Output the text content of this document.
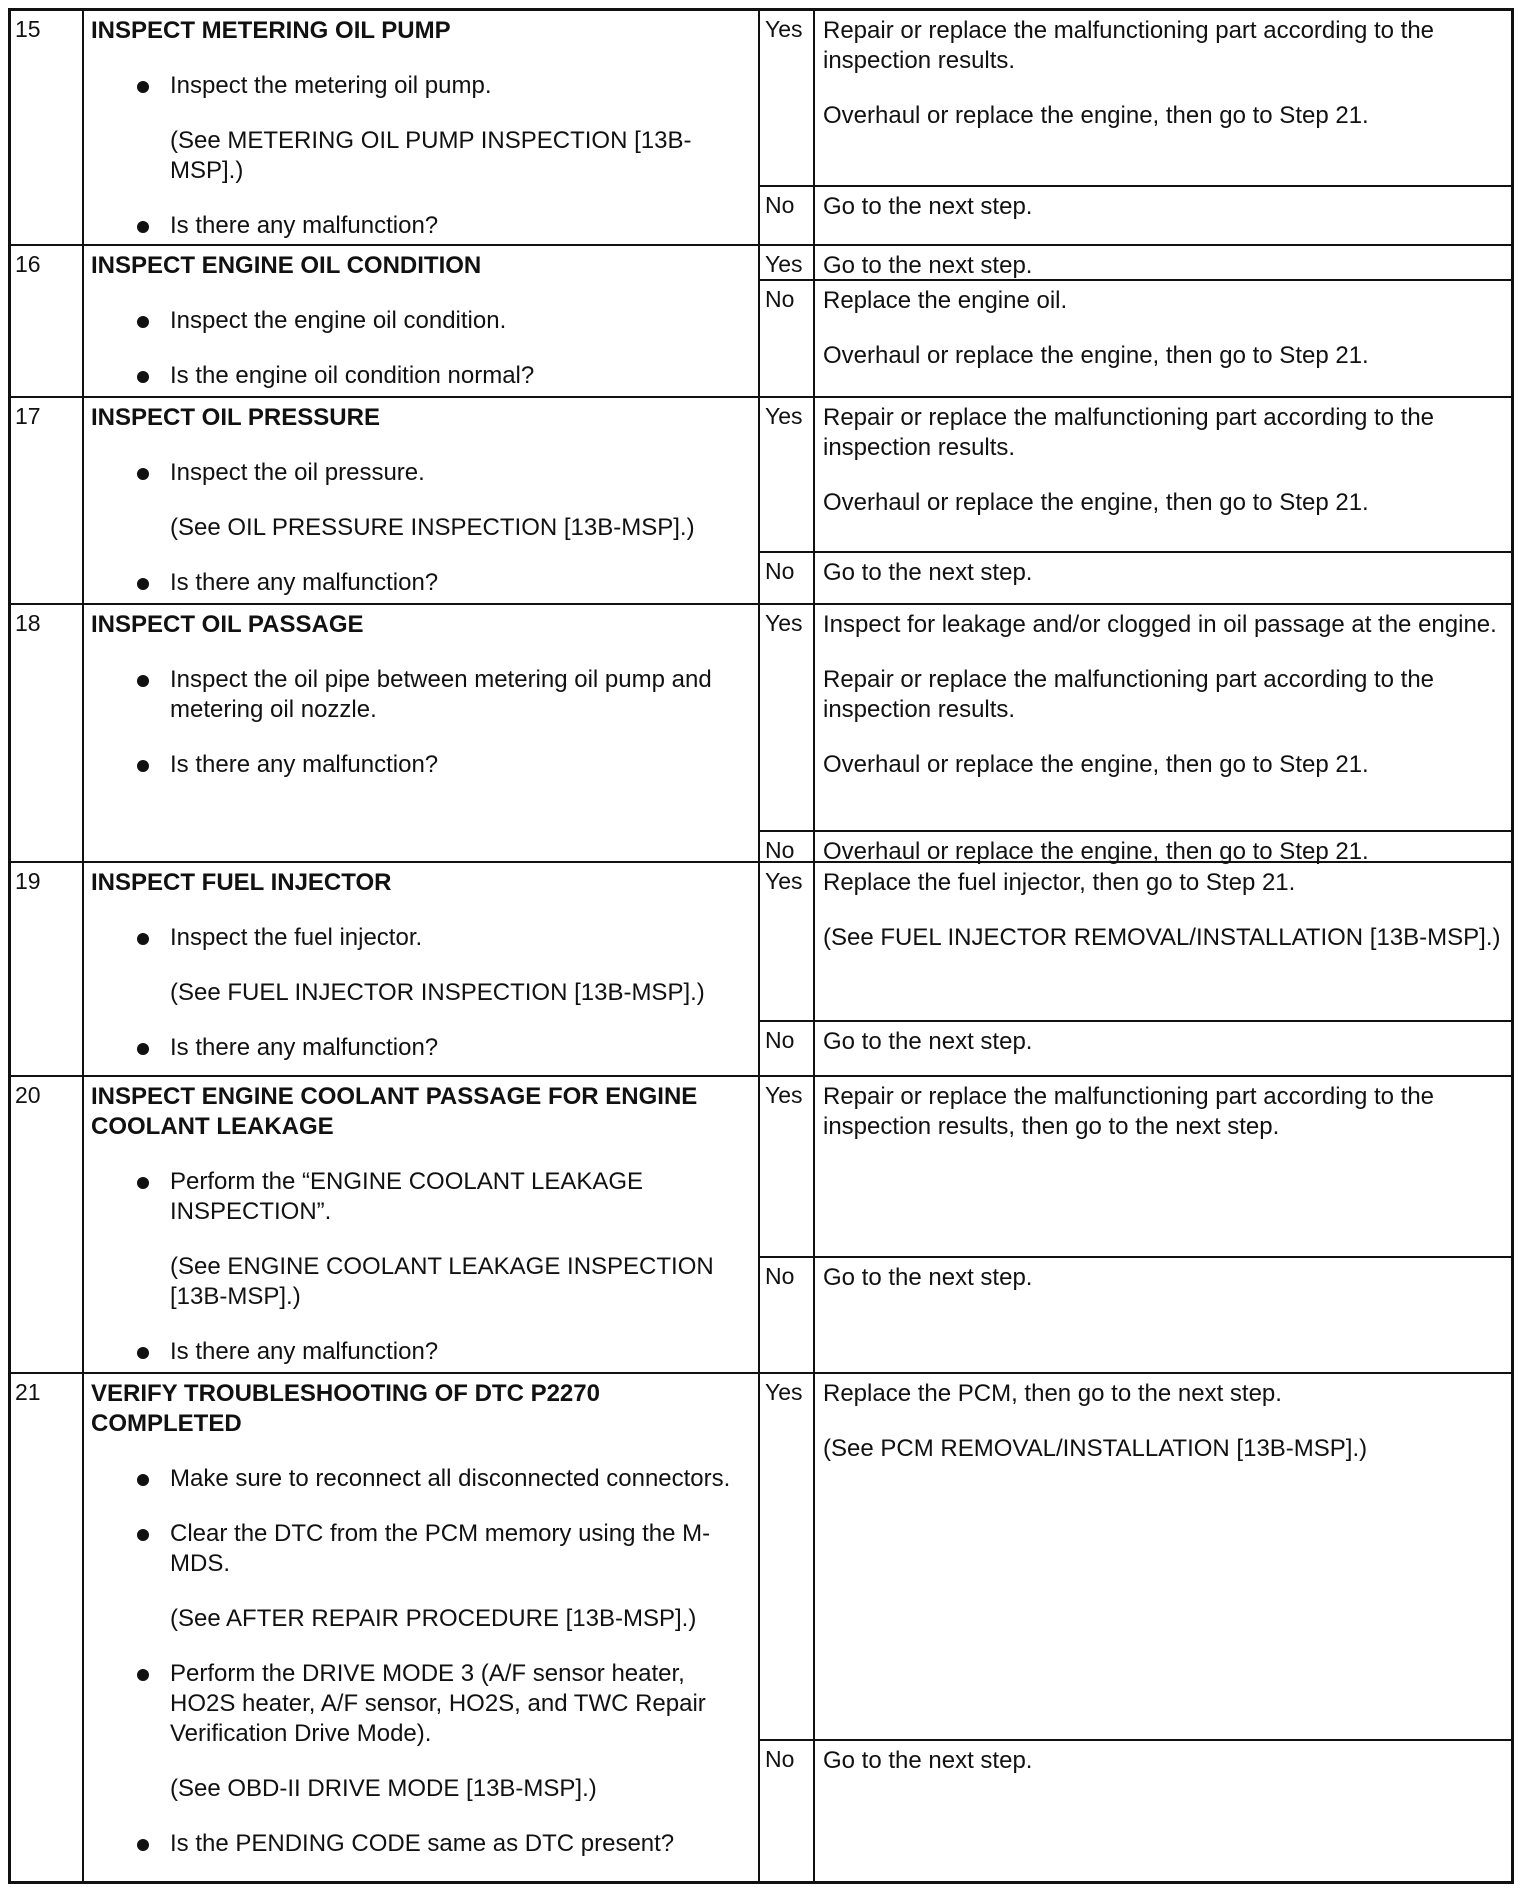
15	INSPECT METERING OIL PUMP
Inspect the metering oil pump.
(See METERING OIL PUMP INSPECTION [13B-MSP].)
Is there any malfunction?
Yes Repair or replace the malfunctioning part according to the inspection results.

Overhaul or replace the engine, then go to Step 21.

No	Go to the next step.

16	INSPECT ENGINE OIL CONDITION
Inspect the engine oil condition.
Is the engine oil condition normal?
Yes Go to the next step.

No	Replace the engine oil.

Overhaul or replace the engine, then go to Step 21.

17	INSPECT OIL PRESSURE
Inspect the oil pressure.
(See OIL PRESSURE INSPECTION [13B-MSP].)
Is there any malfunction?
Yes Repair or replace the malfunctioning part according to the inspection results.

Overhaul or replace the engine, then go to Step 21.

No	Go to the next step.

18	INSPECT OIL PASSAGE
Inspect the oil pipe between metering oil pump and metering oil nozzle.
Is there any malfunction?
Yes Inspect for leakage and/or clogged in oil passage at the engine.

Repair or replace the malfunctioning part according to the inspection results.

Overhaul or replace the engine, then go to Step 21.

No	Overhaul or replace the engine, then go to Step 21.

19	INSPECT FUEL INJECTOR
Inspect the fuel injector.
(See FUEL INJECTOR INSPECTION [13B-MSP].)
Is there any malfunction?
Yes Replace the fuel injector, then go to Step 21.

(See FUEL INJECTOR REMOVAL/INSTALLATION [13B-MSP].)

No	Go to the next step.

20	INSPECT ENGINE COOLANT PASSAGE FOR ENGINE COOLANT LEAKAGE
Perform the “ENGINE COOLANT LEAKAGE INSPECTION”.
(See ENGINE COOLANT LEAKAGE INSPECTION [13B-MSP].)
Is there any malfunction?
Yes Repair or replace the malfunctioning part according to the inspection results, then go to the next step.

No	Go to the next step.

21	VERIFY TROUBLESHOOTING OF DTC P2270 COMPLETED
Make sure to reconnect all disconnected connectors.
Clear the DTC from the PCM memory using the M-MDS.
(See AFTER REPAIR PROCEDURE [13B-MSP].)
Perform the DRIVE MODE 3 (A/F sensor heater, HO2S heater, A/F sensor, HO2S, and TWC Repair Verification Drive Mode).
(See OBD-II DRIVE MODE [13B-MSP].)
Is the PENDING CODE same as DTC present?
Yes Replace the PCM, then go to the next step.

(See PCM REMOVAL/INSTALLATION [13B-MSP].)

No	Go to the next step.
